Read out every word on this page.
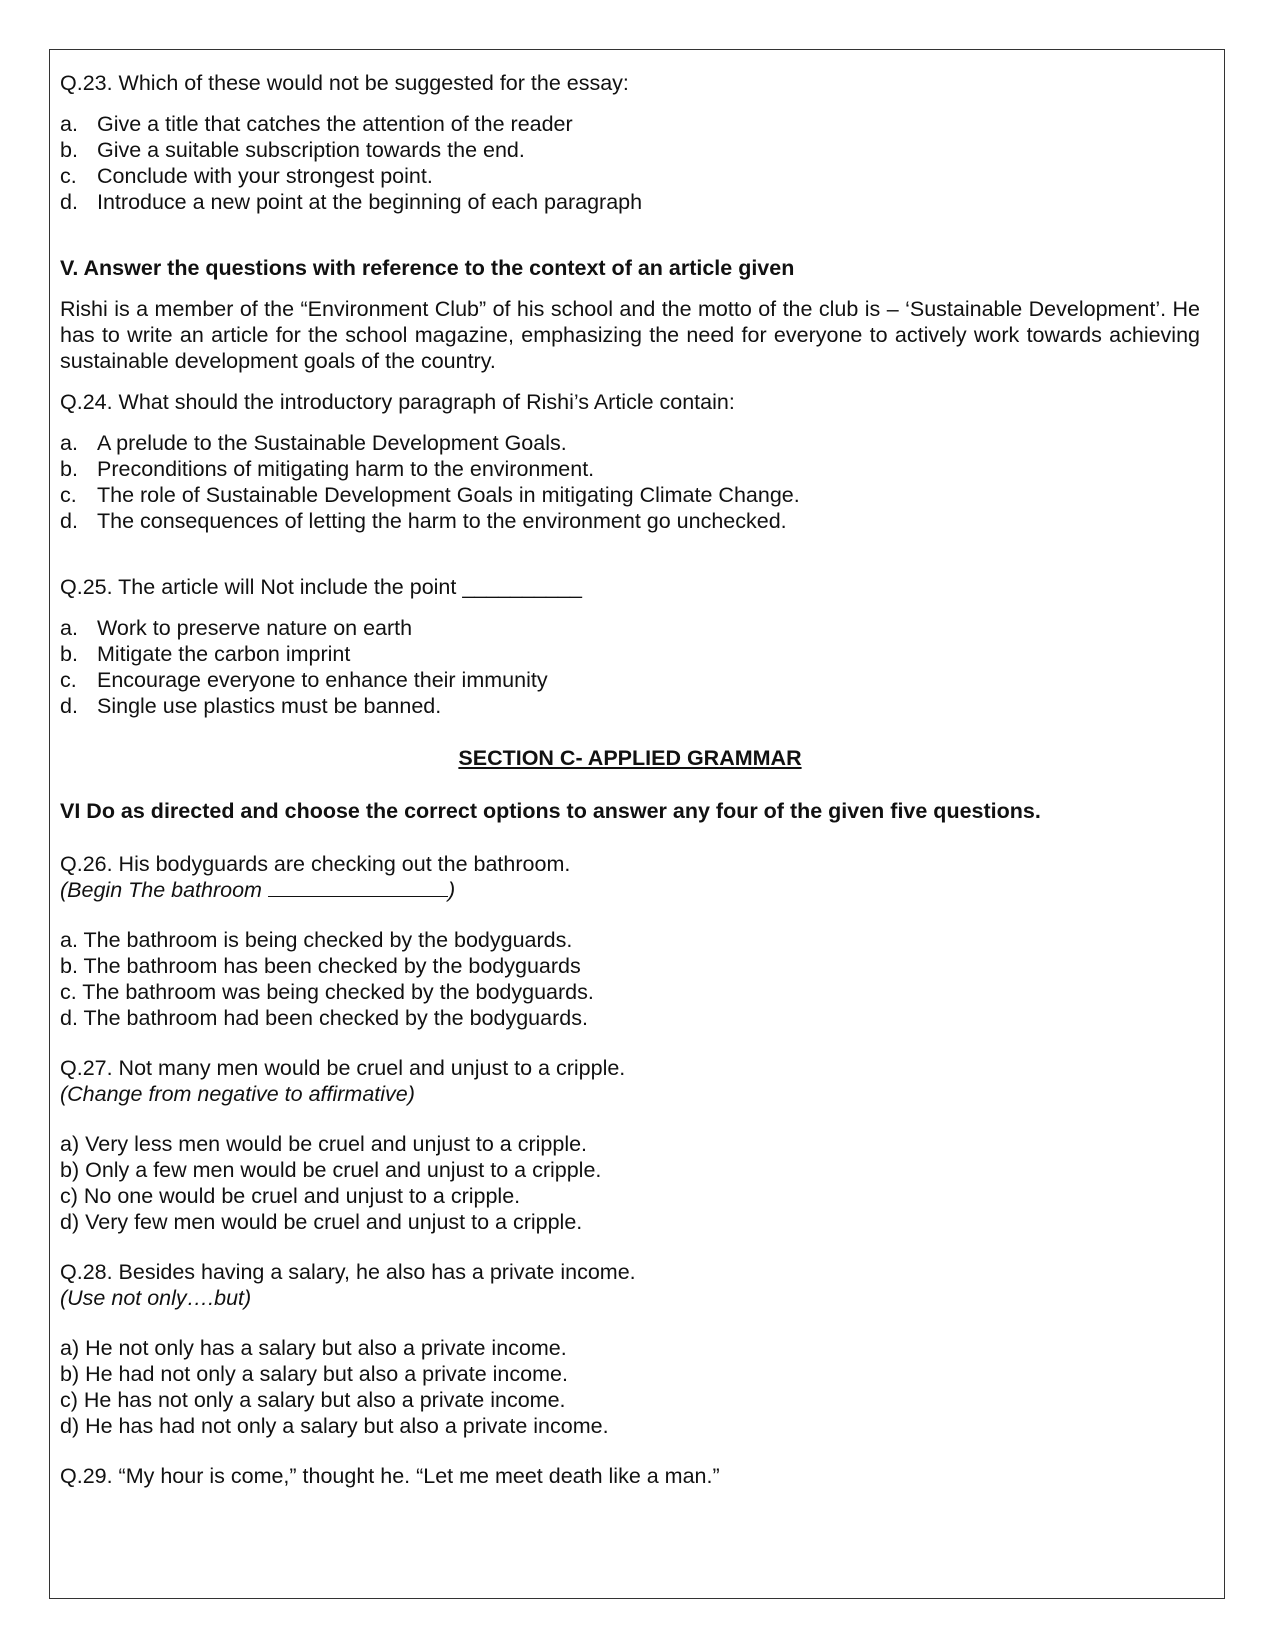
Q.23. Which of these would not be suggested for the essay:

a. Give a title that catches the attention of the reader
b. Give a suitable subscription towards the end.
c. Conclude with your strongest point.
d. Introduce a new point at the beginning of each paragraph

V. Answer the questions with reference to the context of an article given

Rishi is a member of the “Environment Club” of his school and the motto of the club is – ‘Sustainable Development’. He has to write an article for the school magazine, emphasizing the need for everyone to actively work towards achieving sustainable development goals of the country.

Q.24. What should the introductory paragraph of Rishi’s Article contain:

a. A prelude to the Sustainable Development Goals.
b. Preconditions of mitigating harm to the environment.
c. The role of Sustainable Development Goals in mitigating Climate Change.
d. The consequences of letting the harm to the environment go unchecked.

Q.25. The article will Not include the point __________

a. Work to preserve nature on earth
b. Mitigate the carbon imprint
c. Encourage everyone to enhance their immunity
d. Single use plastics must be banned.

SECTION C- APPLIED GRAMMAR

VI Do as directed and choose the correct options to answer any four of the given five questions.

Q.26. His bodyguards are checking out the bathroom.

(Begin The bathroom	)

a. The bathroom is being checked by the bodyguards.
b. The bathroom has been checked by the bodyguards
c. The bathroom was being checked by the bodyguards.
d. The bathroom had been checked by the bodyguards.

Q.27. Not many men would be cruel and unjust to a cripple.

(Change from negative to affirmative)

a) Very less men would be cruel and unjust to a cripple.
b) Only a few men would be cruel and unjust to a cripple.
c) No one would be cruel and unjust to a cripple.
d) Very few men would be cruel and unjust to a cripple.

Q.28. Besides having a salary, he also has a private income.

(Use not only….but)

a) He not only has a salary but also a private income.
b) He had not only a salary but also a private income.
c) He has not only a salary but also a private income.
d) He has had not only a salary but also a private income.

Q.29. “My hour is come,” thought he. “Let me meet death like a man.”
